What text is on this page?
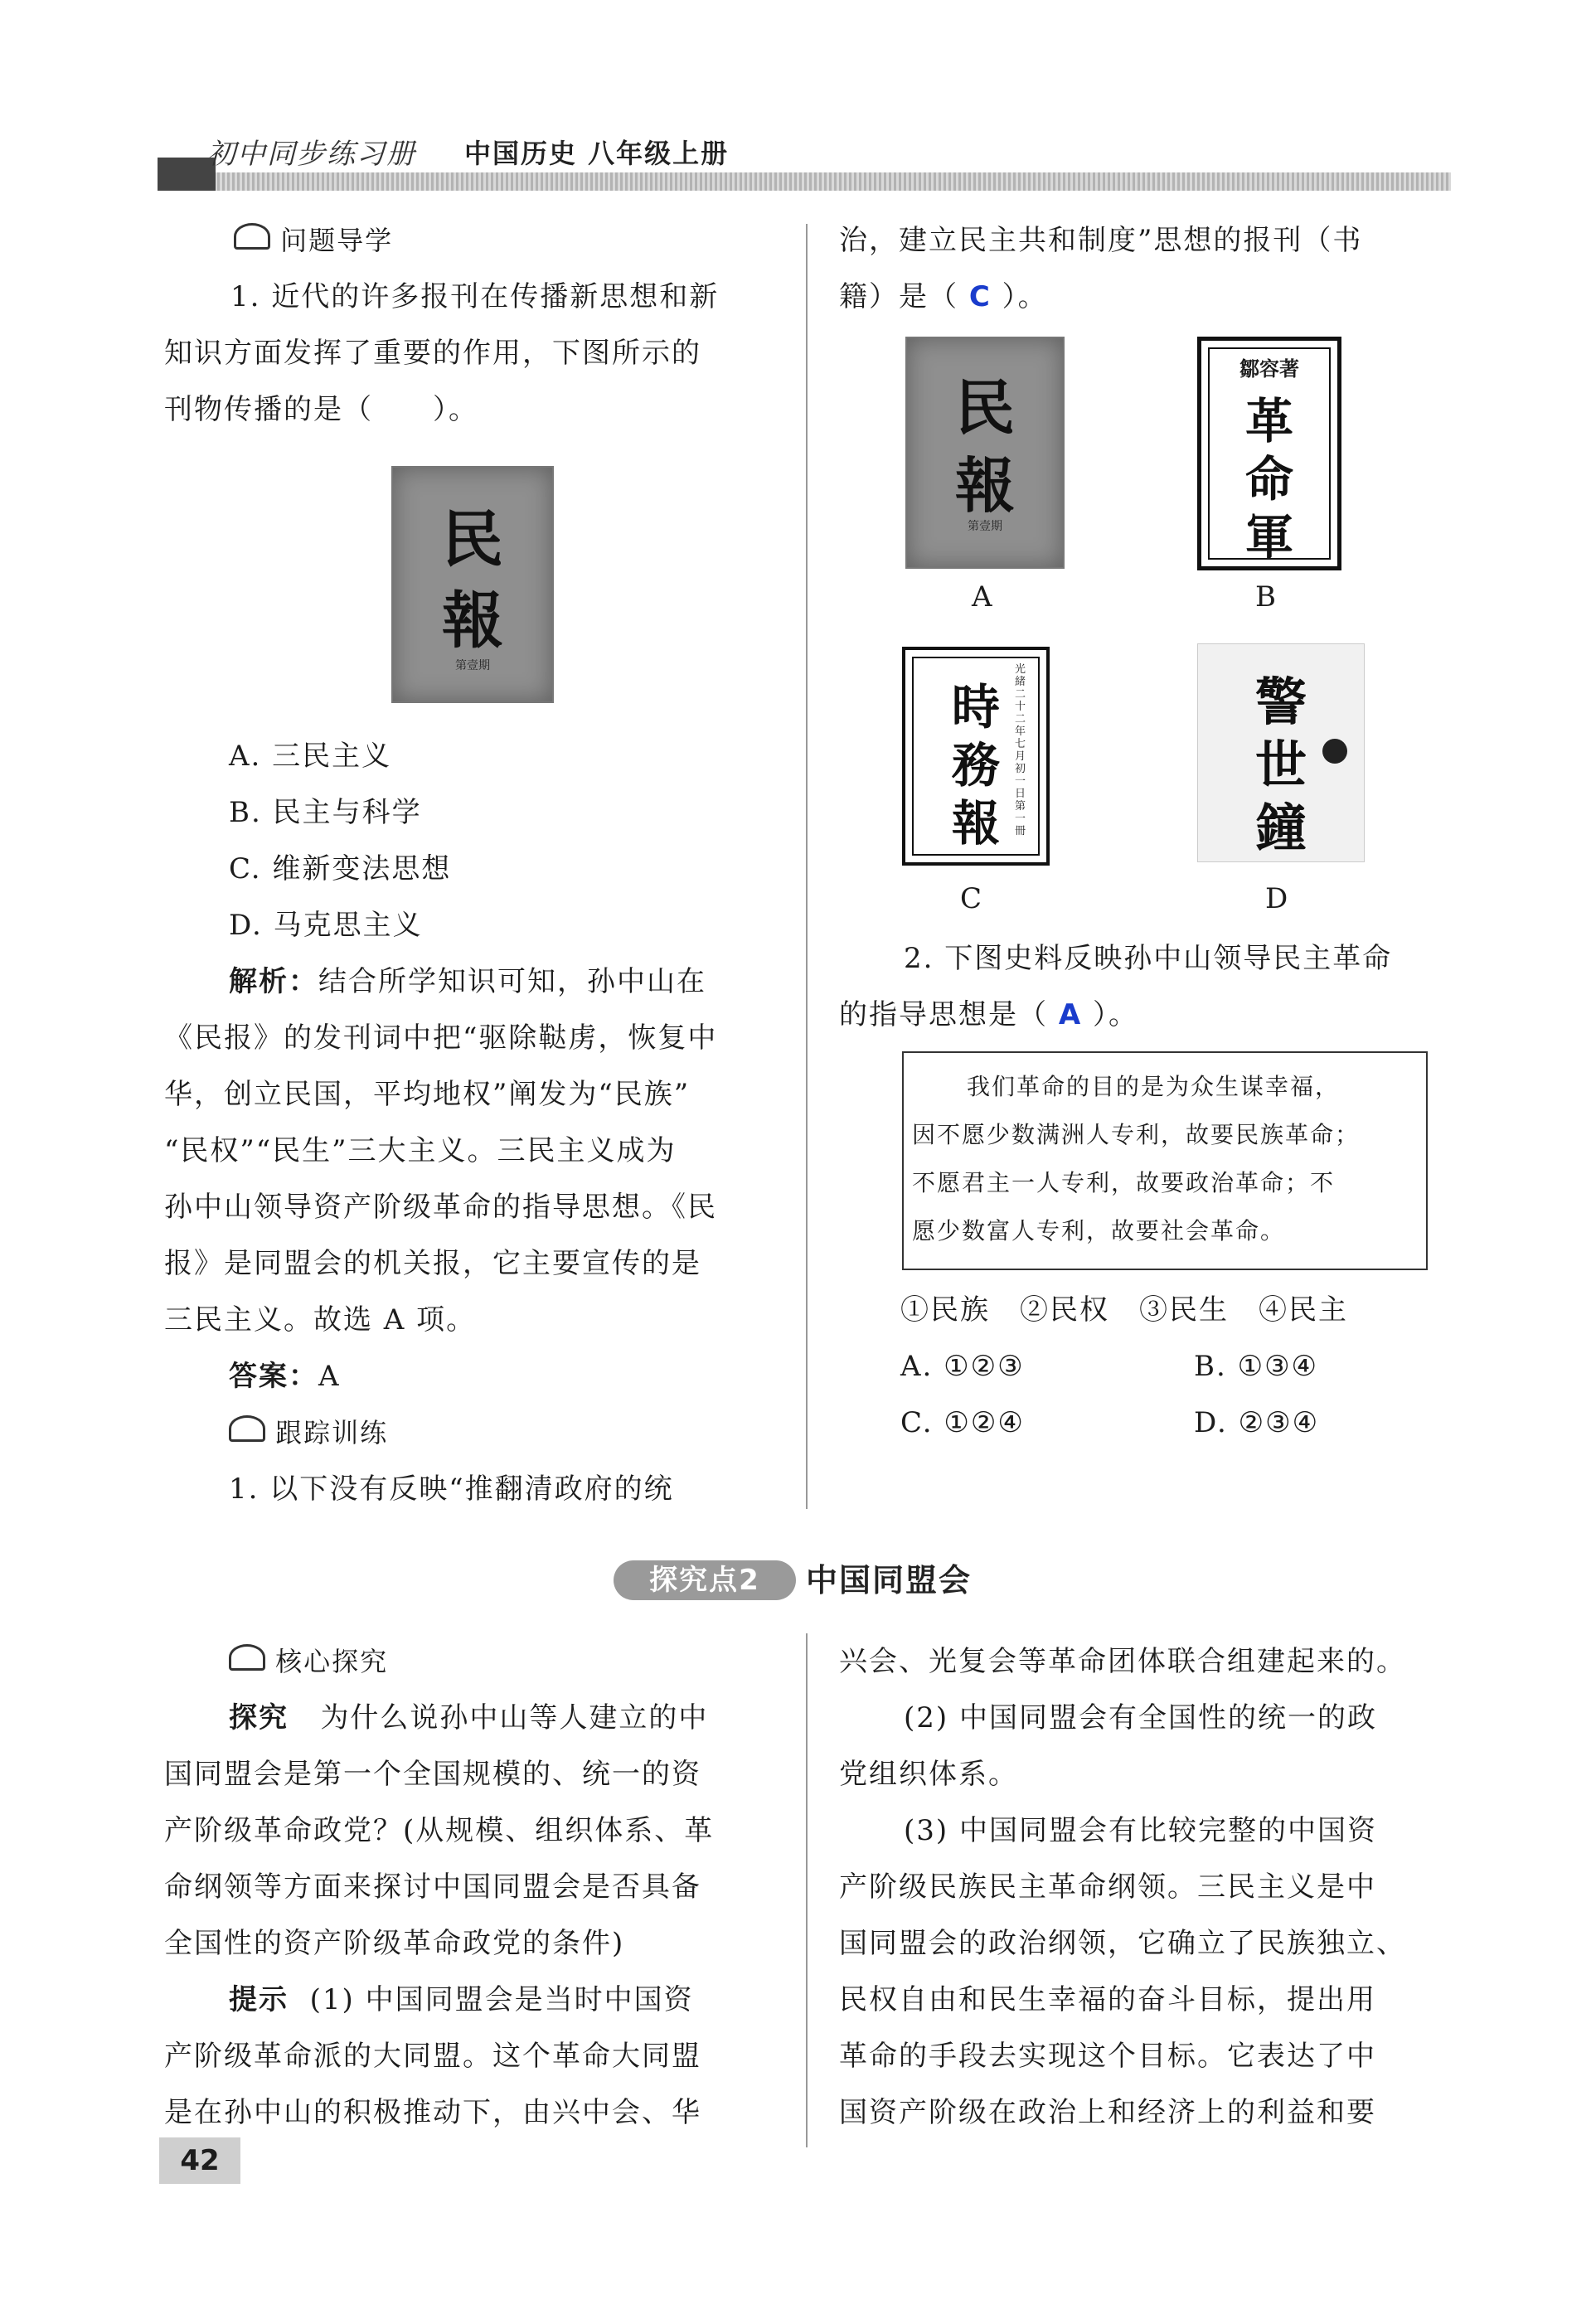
初中同步练习册 中国历史 八年级上册
问题导学
1. 近代的许多报刊在传播新思想和新
知识方面发挥了重要的作用，下图所示的
刊物传播的是（　　）。
民
報
第壹期
A. 三民主义
B. 民主与科学
C. 维新变法思想
D. 马克思主义
解析：结合所学知识可知，孙中山在
《民报》的发刊词中把“驱除鞑虏，恢复中
华，创立民国，平均地权”阐发为“民族”
“民权”“民生”三大主义。三民主义成为
孙中山领导资产阶级革命的指导思想。《民
报》是同盟会的机关报，它主要宣传的是
三民主义。故选 A 项。
答案：A
跟踪训练
1. 以下没有反映“推翻清政府的统
治，建立民主共和制度”思想的报刊（书
籍）是（ C ）。
民
報
第壹期
A
鄒容著
革
命
軍
B
時
務
報
光緒二十二年 七月初一日 第一冊
C
警
世
鐘
D
2. 下图史料反映孙中山领导民主革命
的指导思想是（ A ）。
我们革命的目的是为众生谋幸福，
因不愿少数满洲人专利，故要民族革命；
不愿君主一人专利，故要政治革命；不
愿少数富人专利，故要社会革命。
①民族　②民权　③民生　④民主
A. ①②③	B. ①③④
C. ①②④	D. ②③④
探究点2	中国同盟会
核心探究
探究 为什么说孙中山等人建立的中
国同盟会是第一个全国规模的、统一的资
产阶级革命政党？(从规模、组织体系、革
命纲领等方面来探讨中国同盟会是否具备
全国性的资产阶级革命政党的条件)
提示 (1) 中国同盟会是当时中国资
产阶级革命派的大同盟。这个革命大同盟
是在孙中山的积极推动下，由兴中会、华
兴会、光复会等革命团体联合组建起来的。
(2) 中国同盟会有全国性的统一的政
党组织体系。
(3) 中国同盟会有比较完整的中国资
产阶级民族民主革命纲领。三民主义是中
国同盟会的政治纲领，它确立了民族独立、
民权自由和民生幸福的奋斗目标，提出用
革命的手段去实现这个目标。它表达了中
国资产阶级在政治上和经济上的利益和要
42
